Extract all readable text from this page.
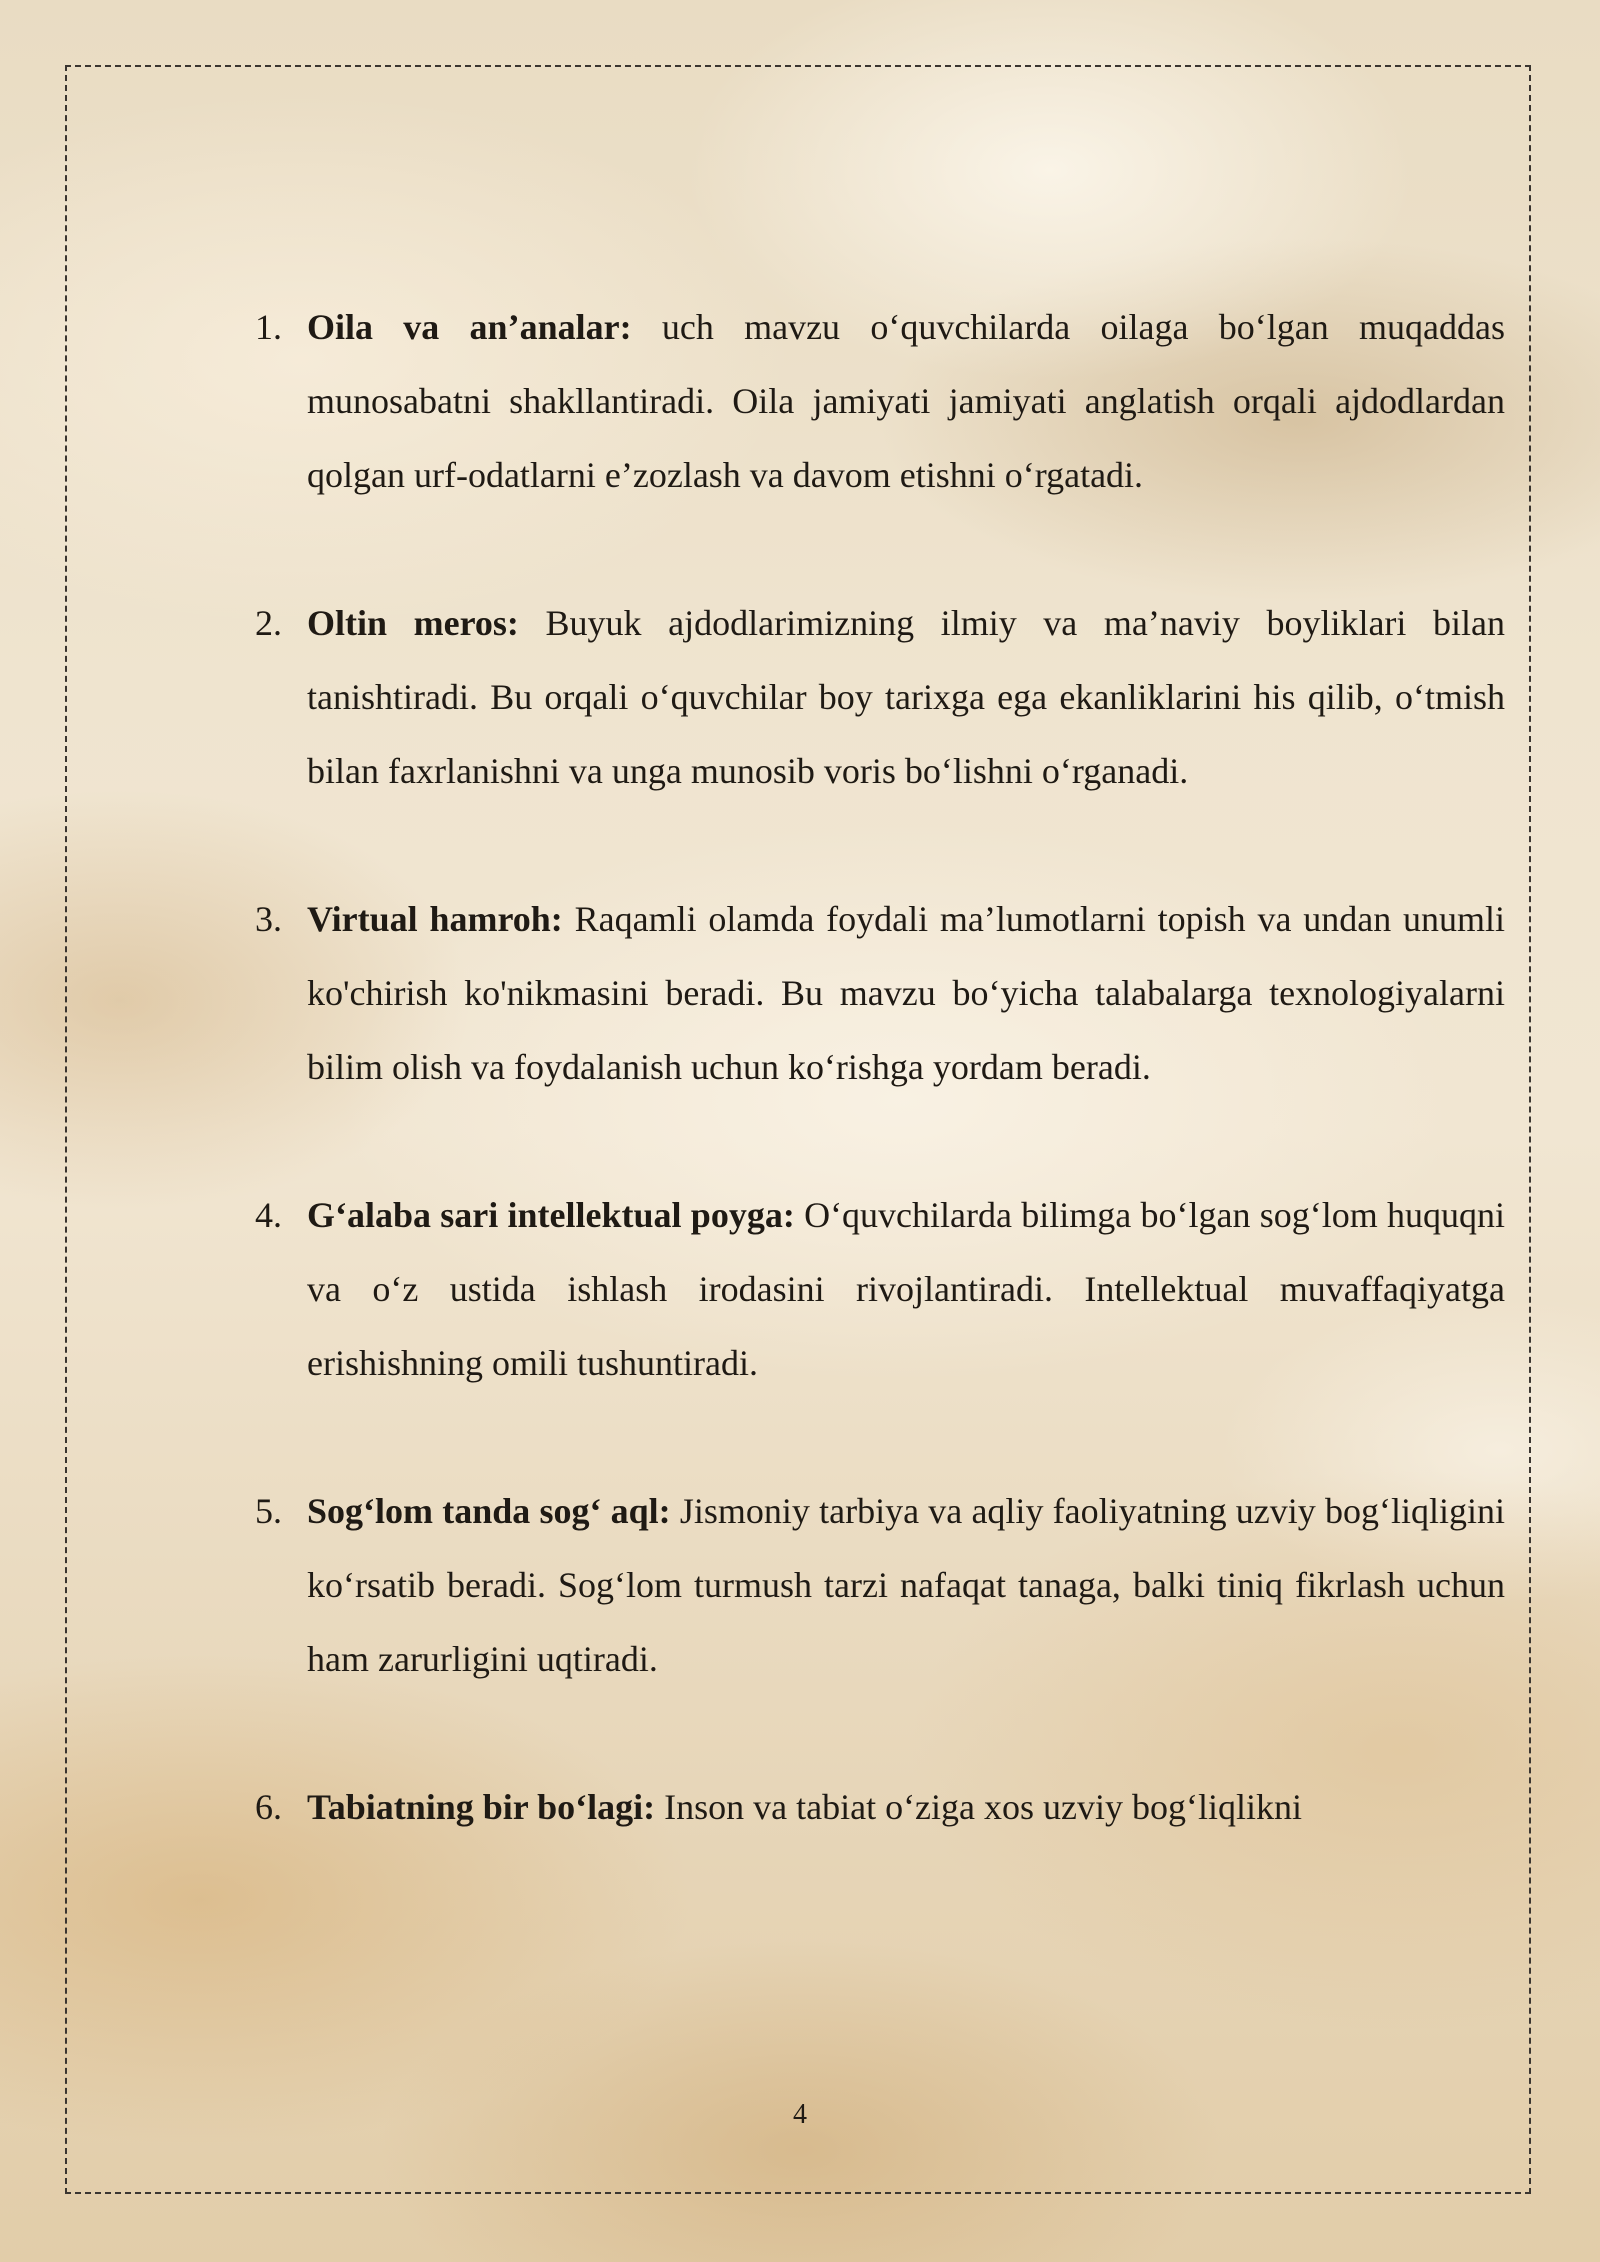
1. Oila va an’analar: uch mavzu o‘quvchilarda oilaga bo‘lgan muqaddas munosabatni shakllantiradi. Oila jamiyati jamiyati anglatish orqali ajdodlardan qolgan urf-odatlarni e’zozlash va davom etishni o‘rgatadi.
2. Oltin meros: Buyuk ajdodlarimizning ilmiy va ma’naviy boyliklari bilan tanishtiradi. Bu orqali o‘quvchilar boy tarixga ega ekanliklarini his qilib, o‘tmish bilan faxrlanishni va unga munosib voris bo‘lishni o‘rganadi.
3. Virtual hamroh: Raqamli olamda foydali ma’lumotlarni topish va undan unumli ko'chirish ko'nikmasini beradi. Bu mavzu bo‘yicha talabalarga texnologiyalarni bilim olish va foydalanish uchun ko‘rishga yordam beradi.
4. G‘alaba sari intellektual poyga: O‘quvchilarda bilimga bo‘lgan sog‘lom huquqni va o‘z ustida ishlash irodasini rivojlantiradi. Intellektual muvaffaqiyatga erishishning omili tushuntiradi.
5. Sog‘lom tanda sog‘ aql: Jismoniy tarbiya va aqliy faoliyatning uzviy bog‘liqligini ko‘rsatib beradi. Sog‘lom turmush tarzi nafaqat tanaga, balki tiniq fikrlash uchun ham zarurligini uqtiradi.
6. Tabiatning bir bo‘lagi: Inson va tabiat o‘ziga xos uzviy bog‘liqlikni
4
